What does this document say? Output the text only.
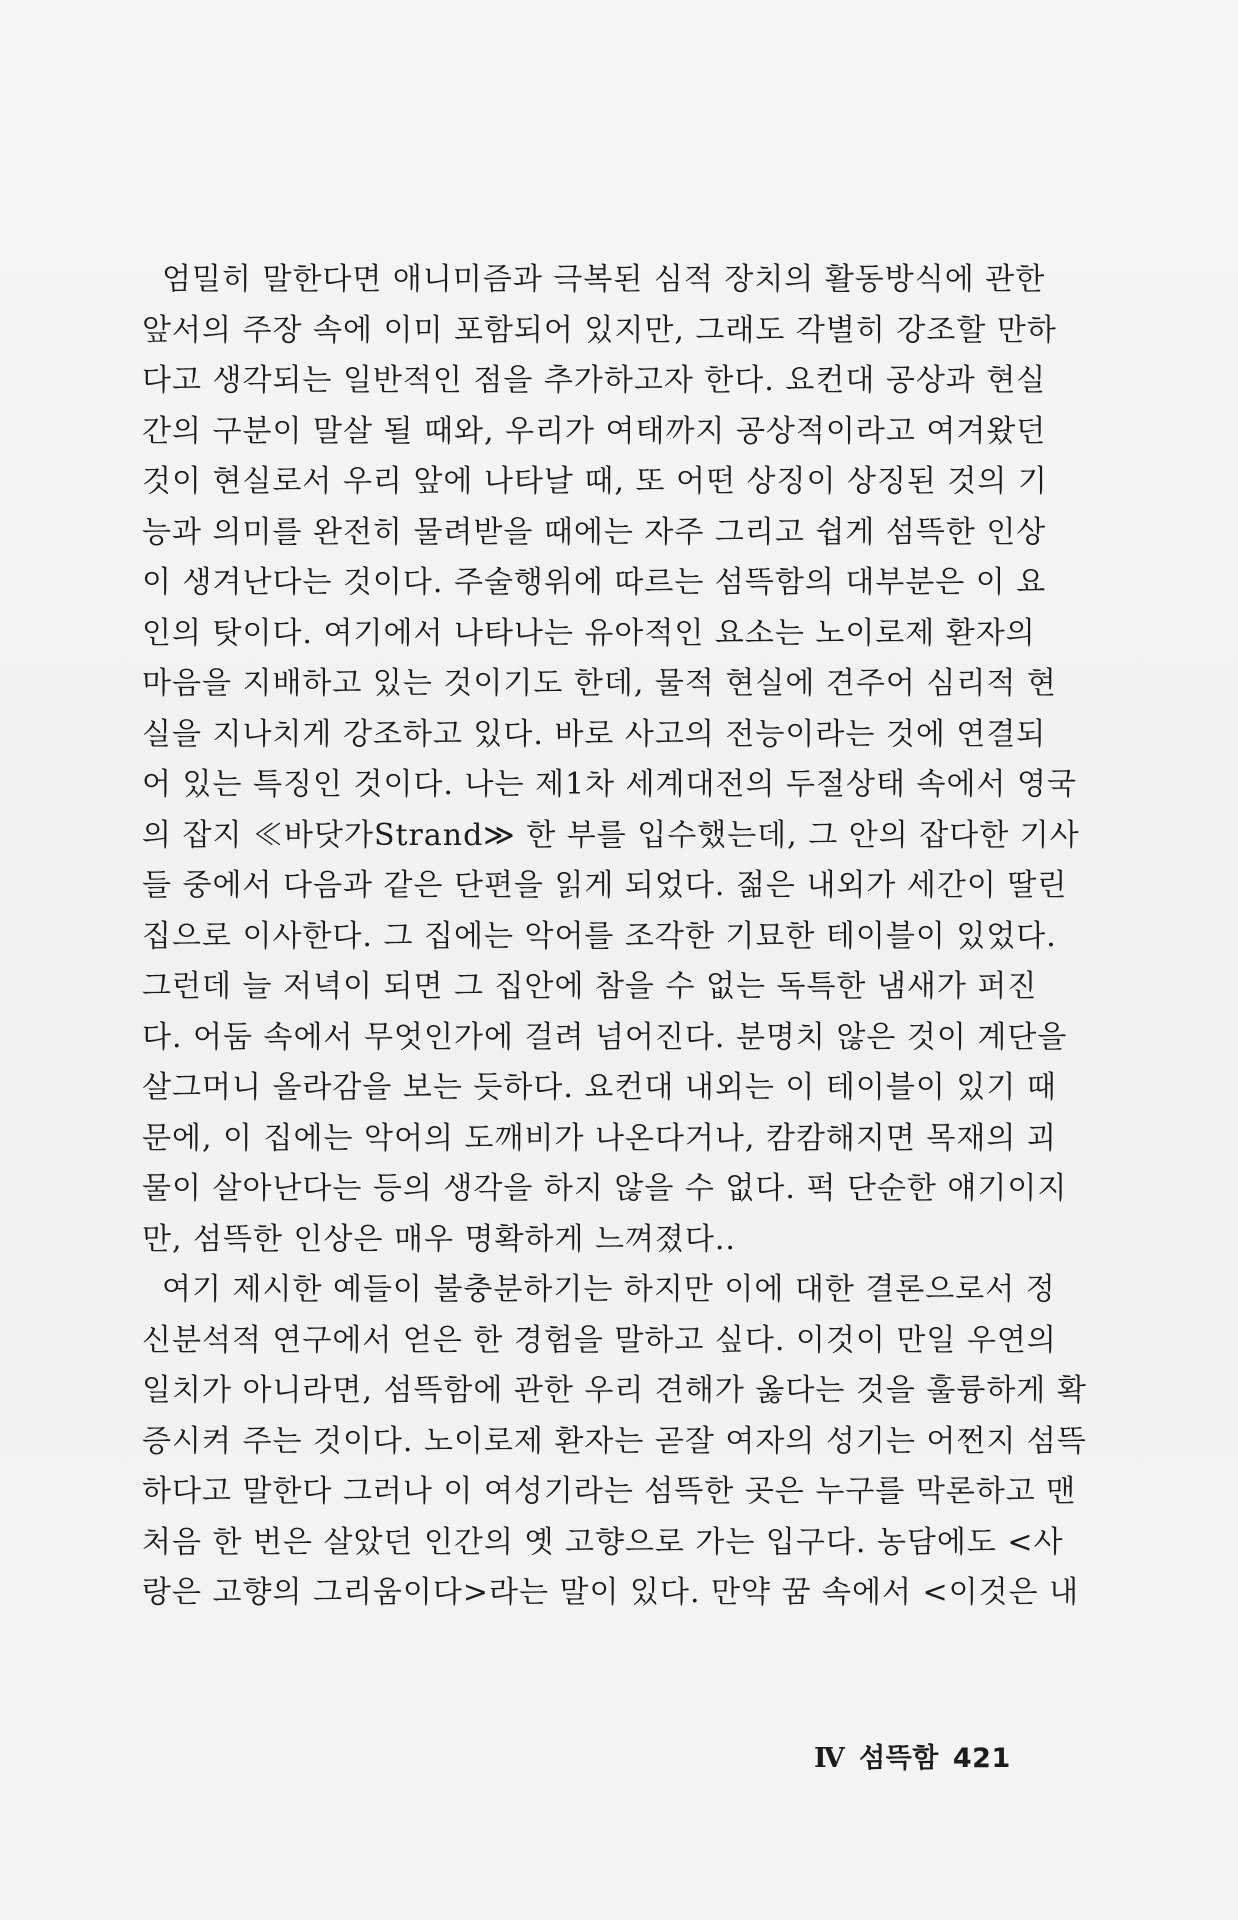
엄밀히 말한다면 애니미즘과 극복된 심적 장치의 활동방식에 관한
앞서의 주장 속에 이미 포함되어 있지만, 그래도 각별히 강조할 만하
다고 생각되는 일반적인 점을 추가하고자 한다. 요컨대 공상과 현실
간의 구분이 말살 될 때와, 우리가 여태까지 공상적이라고 여겨왔던
것이 현실로서 우리 앞에 나타날 때, 또 어떤 상징이 상징된 것의 기
능과 의미를 완전히 물려받을 때에는 자주 그리고 쉽게 섬뜩한 인상
이 생겨난다는 것이다. 주술행위에 따르는 섬뜩함의 대부분은 이 요
인의 탓이다. 여기에서 나타나는 유아적인 요소는 노이로제 환자의
마음을 지배하고 있는 것이기도 한데, 물적 현실에 견주어 심리적 현
실을 지나치게 강조하고 있다. 바로 사고의 전능이라는 것에 연결되
어 있는 특징인 것이다. 나는 제1차 세계대전의 두절상태 속에서 영국
의 잡지 ≪바닷가Strand≫ 한 부를 입수했는데, 그 안의 잡다한 기사
들 중에서 다음과 같은 단편을 읽게 되었다. 젊은 내외가 세간이 딸린
집으로 이사한다. 그 집에는 악어를 조각한 기묘한 테이블이 있었다.
그런데 늘 저녁이 되면 그 집안에 참을 수 없는 독특한 냄새가 퍼진
다. 어둠 속에서 무엇인가에 걸려 넘어진다. 분명치 않은 것이 계단을
살그머니 올라감을 보는 듯하다. 요컨대 내외는 이 테이블이 있기 때
문에, 이 집에는 악어의 도깨비가 나온다거나, 캄캄해지면 목재의 괴
물이 살아난다는 등의 생각을 하지 않을 수 없다. 퍽 단순한 얘기이지
만, 섬뜩한 인상은 매우 명확하게 느껴졌다..
여기 제시한 예들이 불충분하기는 하지만 이에 대한 결론으로서 정
신분석적 연구에서 얻은 한 경험을 말하고 싶다. 이것이 만일 우연의
일치가 아니라면, 섬뜩함에 관한 우리 견해가 옳다는 것을 훌륭하게 확
증시켜 주는 것이다. 노이로제 환자는 곧잘 여자의 성기는 어쩐지 섬뜩
하다고 말한다 그러나 이 여성기라는 섬뜩한 곳은 누구를 막론하고 맨
처음 한 번은 살았던 인간의 옛 고향으로 가는 입구다. 농담에도 <사
랑은 고향의 그리움이다>라는 말이 있다. 만약 꿈 속에서 <이것은 내
Ⅳ 섬뜩함 421
